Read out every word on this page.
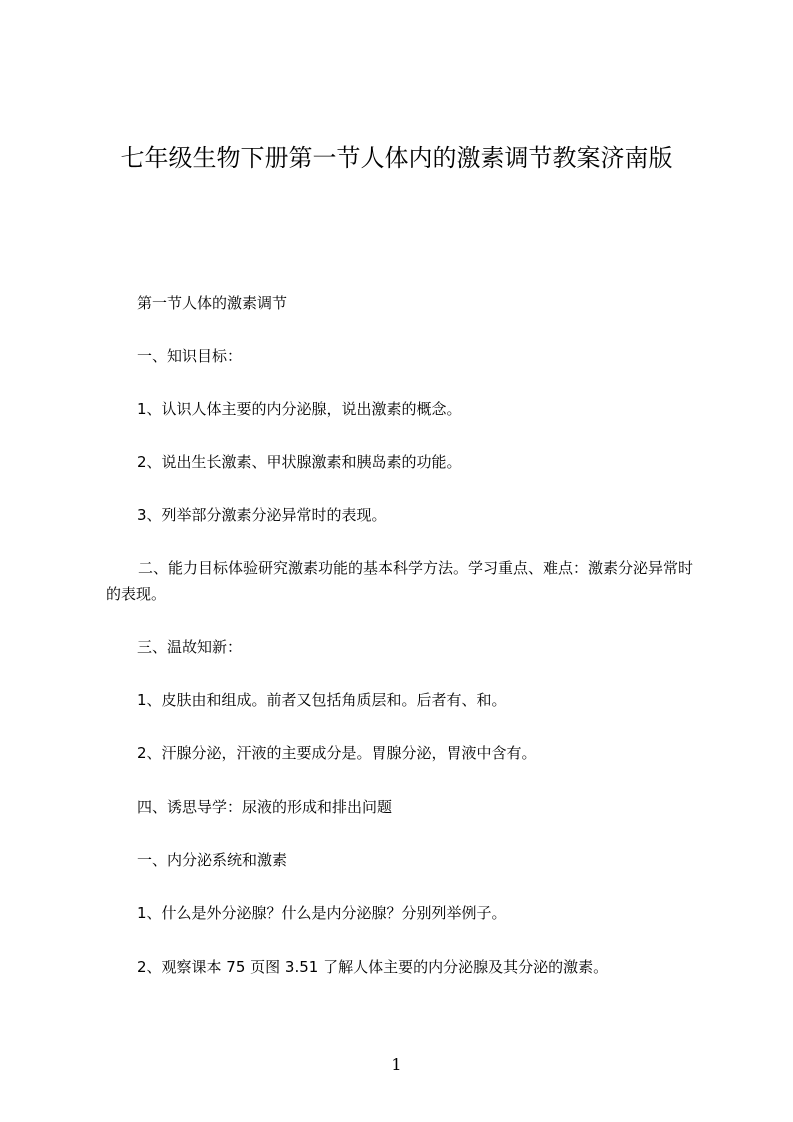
七年级生物下册第一节人体内的激素调节教案济南版
第一节人体的激素调节
一、知识目标：
1、认识人体主要的内分泌腺，说出激素的概念。
2、说出生长激素、甲状腺激素和胰岛素的功能。
3、列举部分激素分泌异常时的表现。
二、能力目标体验研究激素功能的基本科学方法。学习重点、难点：激素分泌异常时的表现。
三、温故知新：
1、皮肤由和组成。前者又包括角质层和。后者有、和。
2、汗腺分泌，汗液的主要成分是。胃腺分泌，胃液中含有。
四、诱思导学：尿液的形成和排出问题
一、内分泌系统和激素
1、什么是外分泌腺？什么是内分泌腺？分别列举例子。
2、观察课本 75 页图 3.51 了解人体主要的内分泌腺及其分泌的激素。
1
